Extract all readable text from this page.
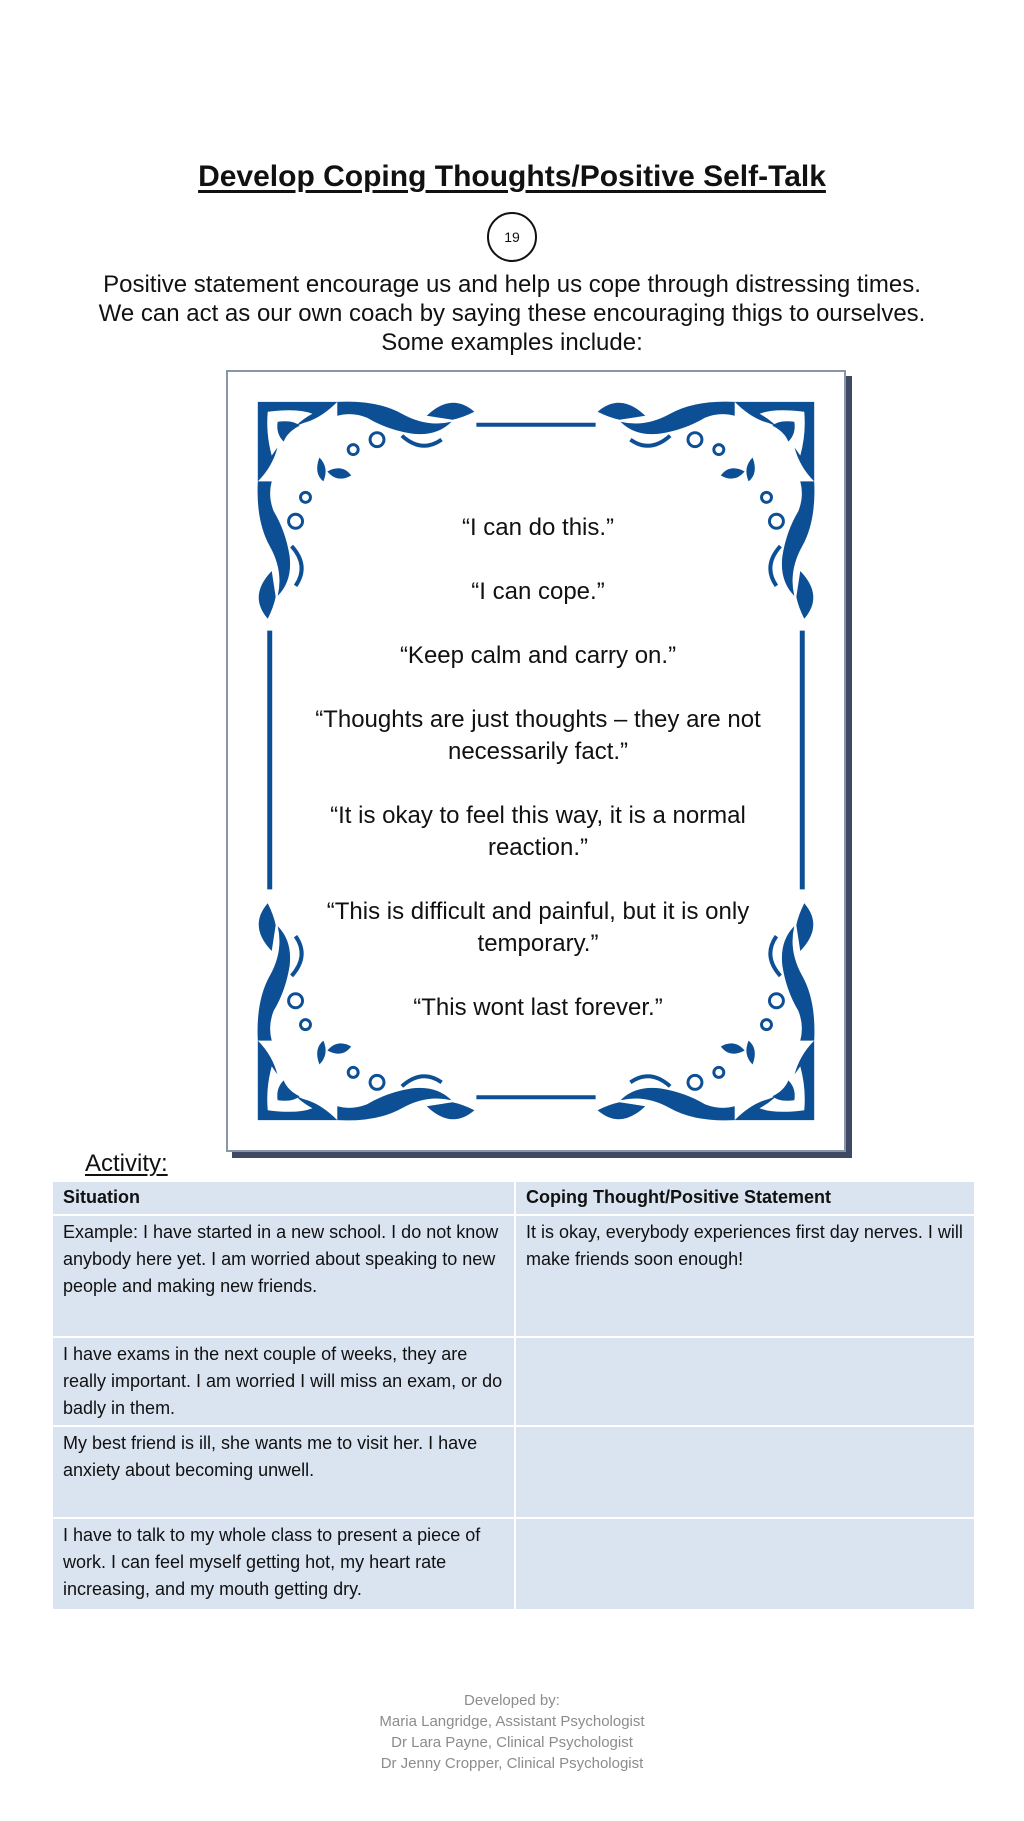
Develop Coping Thoughts/Positive Self-Talk
19

Positive statement encourage us and help us cope through distressing times.

We can act as our own coach by saying these encouraging thigs to ourselves.

Some examples include:

“I can do this.”
“I can cope.”
“Keep calm and carry on.”
“Thoughts are just thoughts – they are not necessarily fact.”
“It is okay to feel this way, it is a normal reaction.”
“This is difficult and painful, but it is only temporary.”
“This wont last forever.”
Activity:
Situation	Coping Thought/Positive Statement
Example: I have started in a new school. I do not know anybody here yet. I am worried about speaking to new people and making new friends.	It is okay, everybody experiences first day nerves. I will make friends soon enough!
I have exams in the next couple of weeks, they are really important. I am worried I will miss an exam, or do badly in them.	
My best friend is ill, she wants me to visit her. I have anxiety about becoming unwell.	
I have to talk to my whole class to present a piece of work. I can feel myself getting hot, my heart rate increasing, and my mouth getting dry.	
Developed by:
Maria Langridge, Assistant Psychologist
Dr Lara Payne, Clinical Psychologist
Dr Jenny Cropper, Clinical Psychologist
